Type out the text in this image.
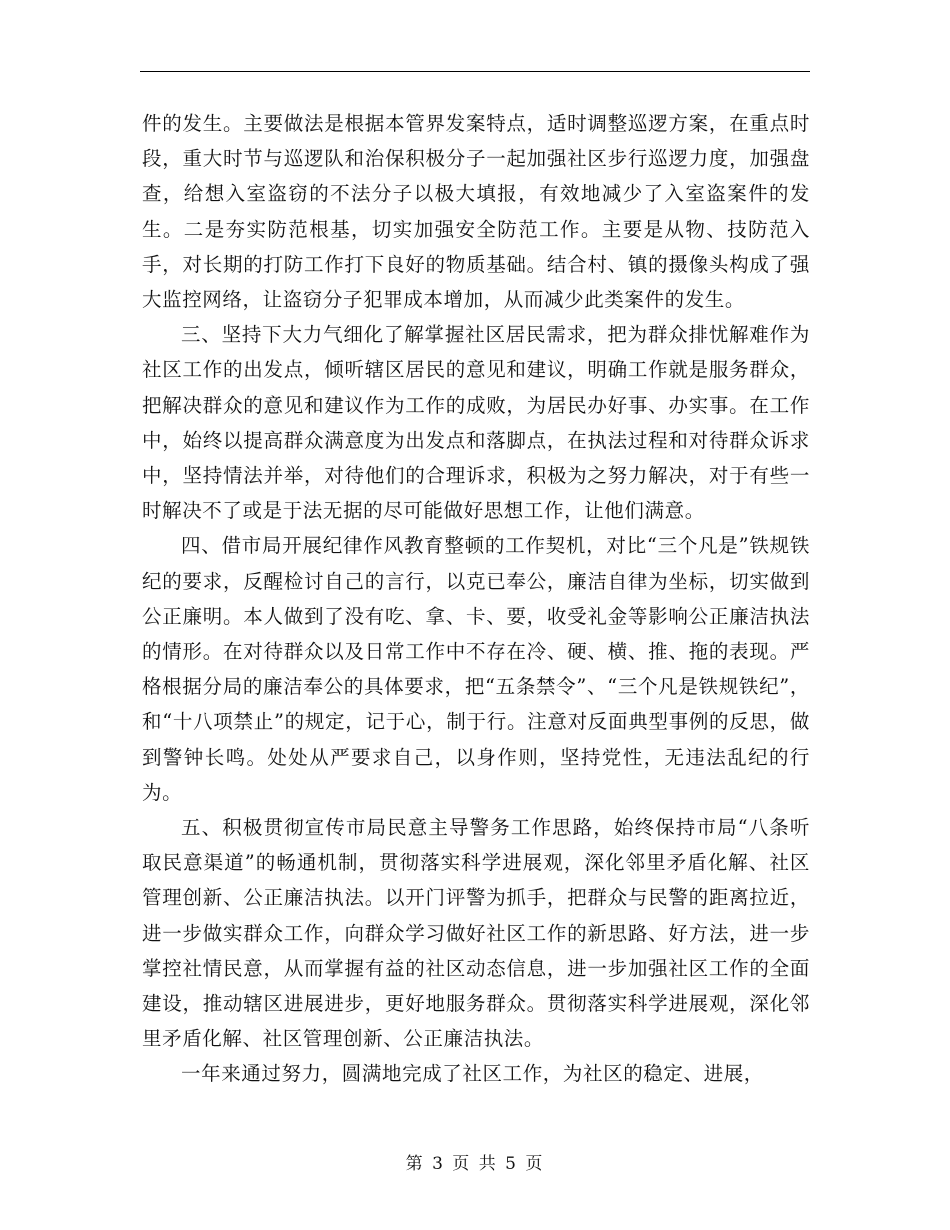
件的发生。主要做法是根据本管界发案特点，适时调整巡逻方案，在重点时段，重大时节与巡逻队和治保积极分子一起加强社区步行巡逻力度，加强盘查，给想入室盗窃的不法分子以极大填报，有效地减少了入室盗案件的发生。二是夯实防范根基，切实加强安全防范工作。主要是从物、技防范入手，对长期的打防工作打下良好的物质基础。结合村、镇的摄像头构成了强大监控网络，让盗窃分子犯罪成本增加，从而减少此类案件的发生。

三、坚持下大力气细化了解掌握社区居民需求，把为群众排忧解难作为社区工作的出发点，倾听辖区居民的意见和建议，明确工作就是服务群众，把解决群众的意见和建议作为工作的成败，为居民办好事、办实事。在工作中，始终以提高群众满意度为出发点和落脚点，在执法过程和对待群众诉求中，坚持情法并举，对待他们的合理诉求，积极为之努力解决，对于有些一时解决不了或是于法无据的尽可能做好思想工作，让他们满意。

四、借市局开展纪律作风教育整顿的工作契机，对比“三个凡是”铁规铁纪的要求，反醒检讨自己的言行，以克已奉公，廉洁自律为坐标，切实做到公正廉明。本人做到了没有吃、拿、卡、要，收受礼金等影响公正廉洁执法的情形。在对待群众以及日常工作中不存在冷、硬、横、推、拖的表现。严格根据分局的廉洁奉公的具体要求，把“五条禁令”、“三个凡是铁规铁纪”，和“十八项禁止”的规定，记于心，制于行。注意对反面典型事例的反思，做到警钟长鸣。处处从严要求自己，以身作则，坚持党性，无违法乱纪的行为。

五、积极贯彻宣传市局民意主导警务工作思路，始终保持市局“八条听取民意渠道”的畅通机制，贯彻落实科学进展观，深化邻里矛盾化解、社区管理创新、公正廉洁执法。以开门评警为抓手，把群众与民警的距离拉近，进一步做实群众工作，向群众学习做好社区工作的新思路、好方法，进一步掌控社情民意，从而掌握有益的社区动态信息，进一步加强社区工作的全面建设，推动辖区进展进步，更好地服务群众。贯彻落实科学进展观，深化邻里矛盾化解、社区管理创新、公正廉洁执法。

一年来通过努力，圆满地完成了社区工作，为社区的稳定、进展，

第 3 页 共 5 页
